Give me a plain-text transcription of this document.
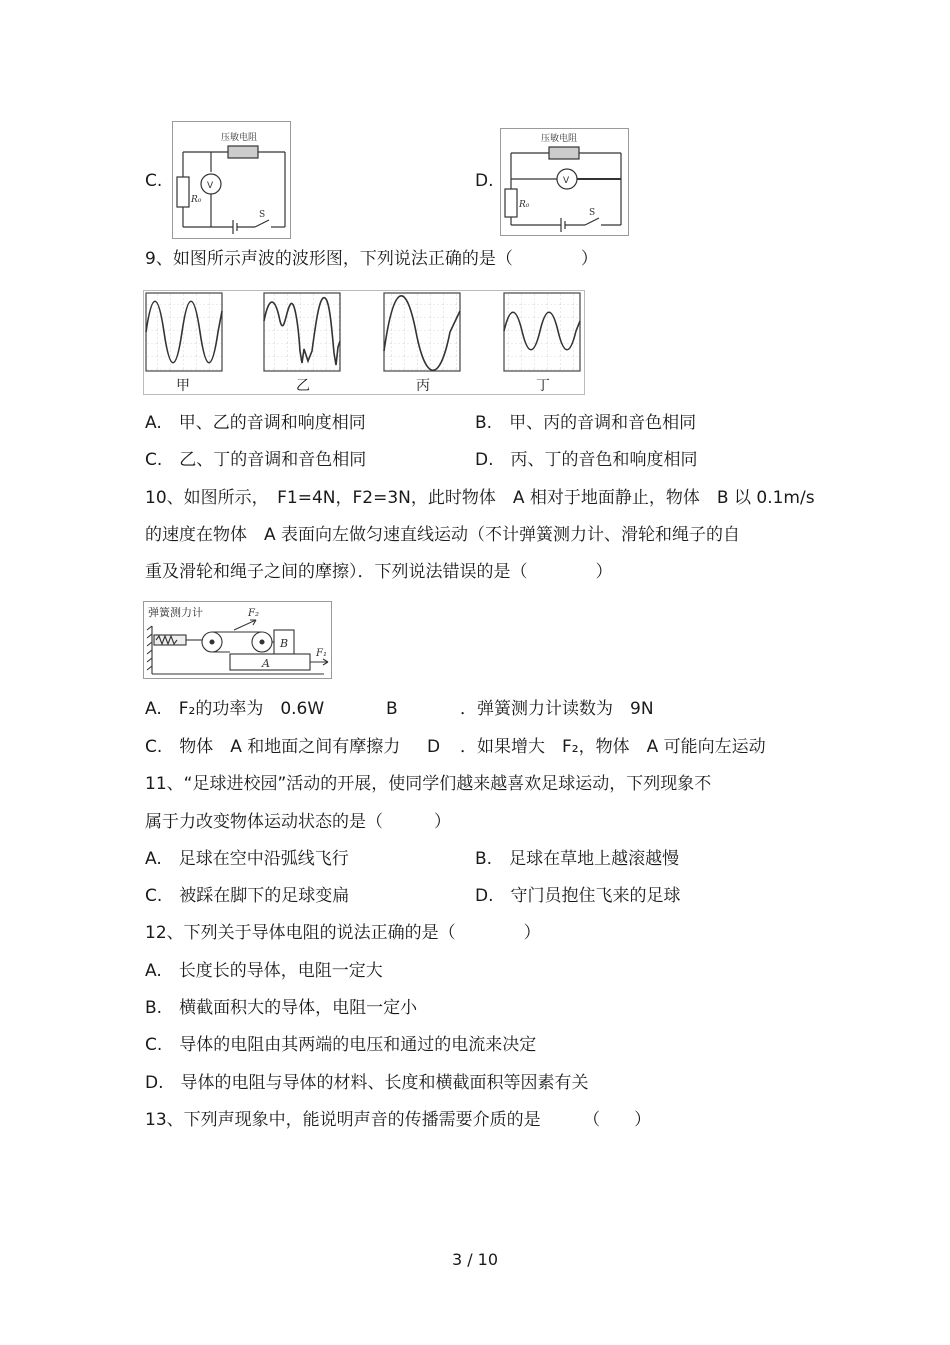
C.
压敏电阻
V
R₀
S
D.
压敏电阻
V
R₀
S
9、如图所示声波的波形图，下列说法正确的是（　　　　）
甲	乙	丙	丁
A.　甲、乙的音调和响度相同	B.　甲、丙的音调和音色相同
C.　乙、丁的音调和音色相同	D.　丙、丁的音色和响度相同
10、如图所示，　F1=4N，F2=3N，此时物体　A 相对于地面静止，物体　B 以 0.1m/s
的速度在物体　A 表面向左做匀速直线运动（不计弹簧测力计、滑轮和绳子的自
重及滑轮和绳子之间的摩擦）．下列说法错误的是（　　　　）
弹簧测力计	F₂
F₁
B
A
A.　F₂的功率为　0.6W	B	．弹簧测力计读数为　9N
C.　物体　A 和地面之间有摩擦力 D ．如果增大　F₂，物体　A 可能向左运动
11、“足球进校园”活动的开展，使同学们越来越喜欢足球运动，下列现象不
属于力改变物体运动状态的是（　　　）
A.　足球在空中沿弧线飞行	B.　足球在草地上越滚越慢
C.　被踩在脚下的足球变扁	D.　守门员抱住飞来的足球
12、下列关于导体电阻的说法正确的是（　　　　）
A.　长度长的导体，电阻一定大
B.　横截面积大的导体，电阻一定小
C.　导体的电阻由其两端的电压和通过的电流来决定
D.　导体的电阻与导体的材料、长度和横截面积等因素有关
13、下列声现象中，能说明声音的传播需要介质的是　　　（　　）
3 / 10
